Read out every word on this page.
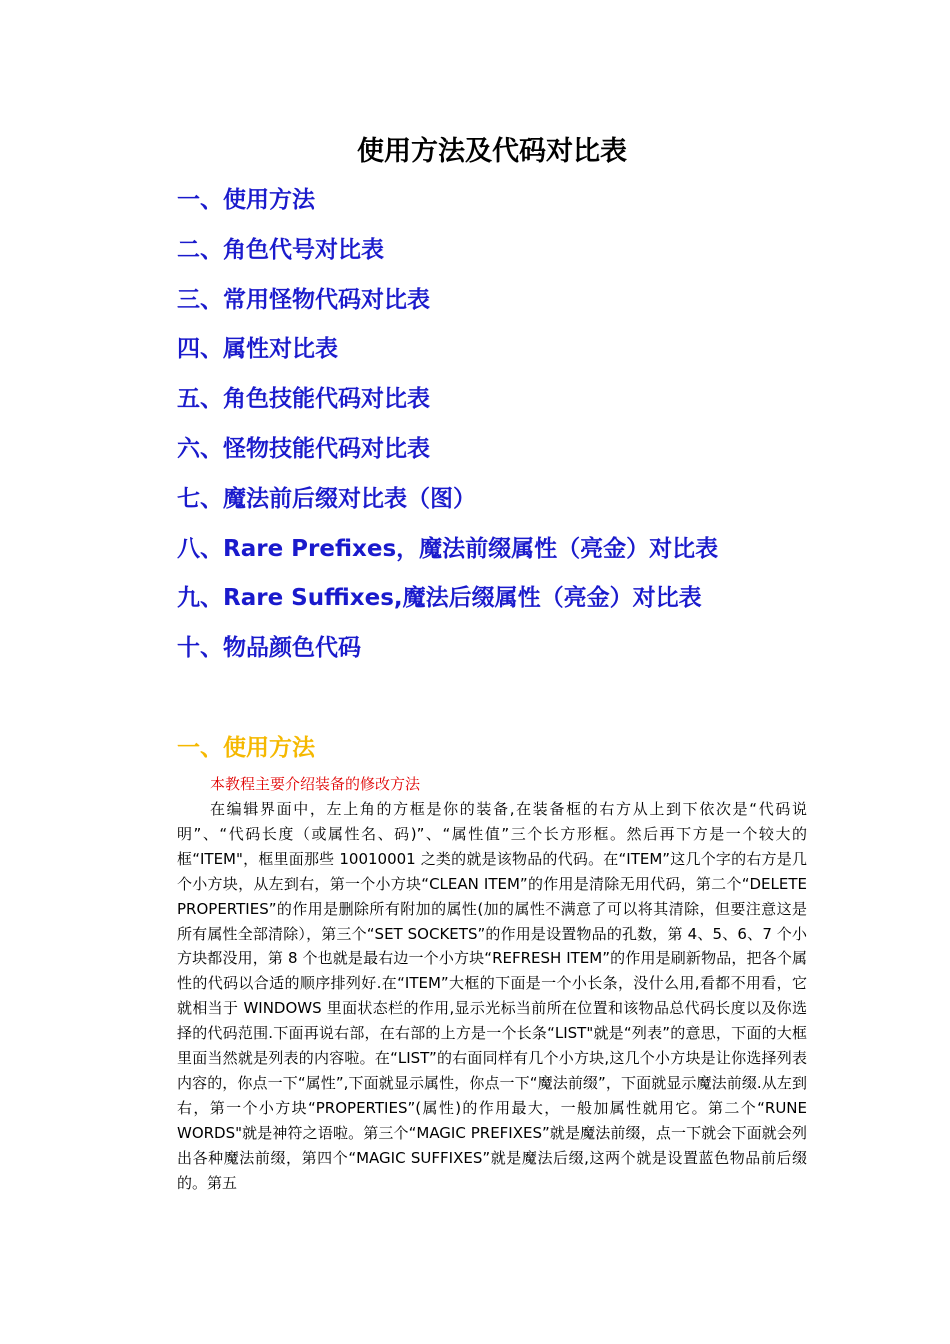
使用方法及代码对比表
一、使用方法
二、角色代号对比表
三、常用怪物代码对比表
四、属性对比表
五、角色技能代码对比表
六、怪物技能代码对比表
七、魔法前后缀对比表（图）
八、Rare Prefixes，魔法前缀属性（亮金）对比表
九、Rare Suffixes,魔法后缀属性（亮金）对比表
十、物品颜色代码
一、使用方法
本教程主要介绍装备的修改方法

在编辑界面中，左上角的方框是你的装备,在装备框的右方从上到下依次是“代码说明”、“代码长度（或属性名、码)”、“属性值”三个长方形框。然后再下方是一个较大的框“ITEM"，框里面那些 10010001 之类的就是该物品的代码。在“ITEM”这几个字的右方是几个小方块，从左到右，第一个小方块“CLEAN ITEM”的作用是清除无用代码，第二个“DELETE PROPERTIES”的作用是删除所有附加的属性(加的属性不满意了可以将其清除，但要注意这是所有属性全部清除），第三个“SET SOCKETS”的作用是设置物品的孔数，第 4、5、6、7 个小方块都没用，第 8 个也就是最右边一个小方块“REFRESH ITEM”的作用是刷新物品，把各个属性的代码以合适的顺序排列好.在“ITEM”大框的下面是一个小长条，没什么用,看都不用看，它就相当于 WINDOWS 里面状态栏的作用,显示光标当前所在位置和该物品总代码长度以及你选择的代码范围.下面再说右部，在右部的上方是一个长条“LIST"就是“列表”的意思，下面的大框里面当然就是列表的内容啦。在“LIST”的右面同样有几个小方块,这几个小方块是让你选择列表内容的，你点一下“属性”,下面就显示属性，你点一下“魔法前缀”，下面就显示魔法前缀.从左到右，第一个小方块“PROPERTIES”(属性)的作用最大，一般加属性就用它。第二个“RUNE WORDS"就是神符之语啦。第三个“MAGIC PREFIXES”就是魔法前缀，点一下就会下面就会列出各种魔法前缀，第四个“MAGIC SUFFIXES”就是魔法后缀,这两个就是设置蓝色物品前后缀的。第五
